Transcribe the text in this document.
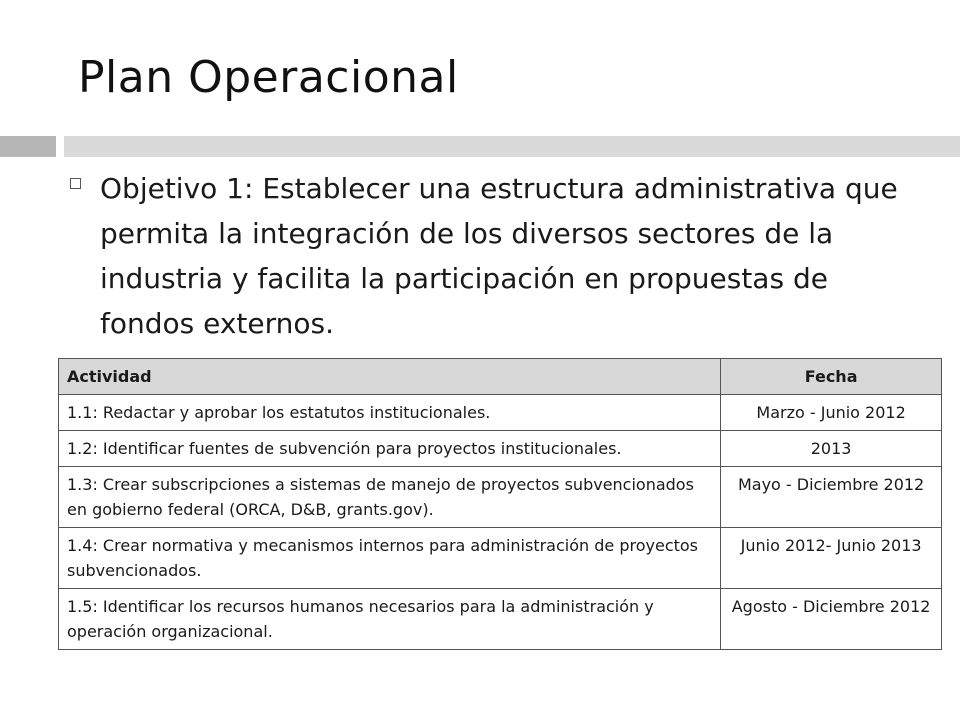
Plan Operacional

Objetivo 1: Establecer una estructura administrativa que permita la integración de los diversos sectores de la industria y facilita la participación en propuestas de fondos externos.

Actividad	Fecha
1.1: Redactar y aprobar los estatutos institucionales.	Marzo - Junio 2012
1.2: Identificar fuentes de subvención para proyectos institucionales.	2013
1.3: Crear subscripciones a sistemas de manejo de proyectos subvencionados en gobierno federal (ORCA, D&B, grants.gov).	Mayo - Diciembre 2012
1.4: Crear normativa y mecanismos internos para administración de proyectos subvencionados.	Junio 2012- Junio 2013
1.5: Identificar los recursos humanos necesarios para la administración y operación organizacional.	Agosto - Diciembre 2012
